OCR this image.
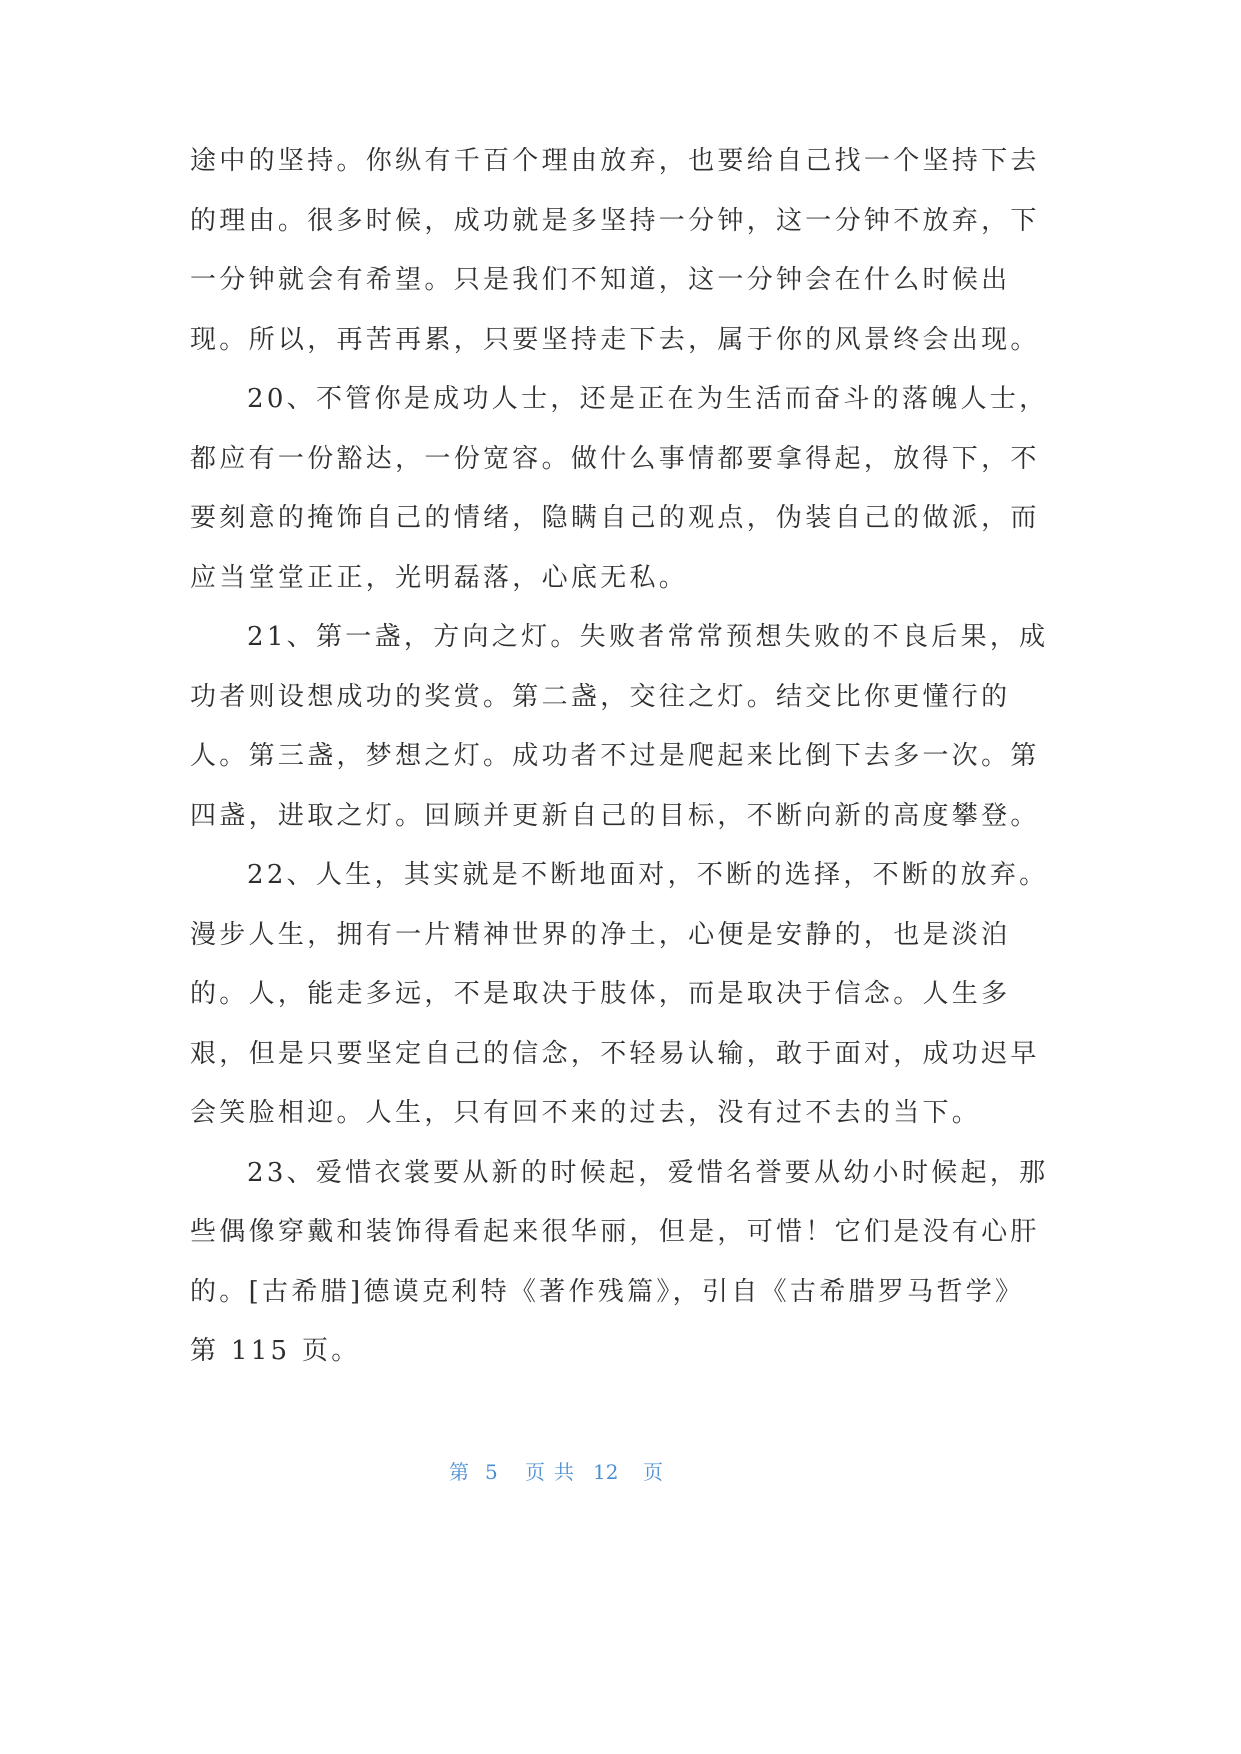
途中的坚持。你纵有千百个理由放弃，也要给自己找一个坚持下去
的理由。很多时候，成功就是多坚持一分钟，这一分钟不放弃，下
一分钟就会有希望。只是我们不知道，这一分钟会在什么时候出
现。所以，再苦再累，只要坚持走下去，属于你的风景终会出现。
20、不管你是成功人士，还是正在为生活而奋斗的落魄人士，
都应有一份豁达，一份宽容。做什么事情都要拿得起，放得下，不
要刻意的掩饰自己的情绪，隐瞒自己的观点，伪装自己的做派，而
应当堂堂正正，光明磊落，心底无私。
21、第一盏，方向之灯。失败者常常预想失败的不良后果，成
功者则设想成功的奖赏。第二盏，交往之灯。结交比你更懂行的
人。第三盏，梦想之灯。成功者不过是爬起来比倒下去多一次。第
四盏，进取之灯。回顾并更新自己的目标，不断向新的高度攀登。
22、人生，其实就是不断地面对，不断的选择，不断的放弃。
漫步人生，拥有一片精神世界的净土，心便是安静的，也是淡泊
的。人，能走多远，不是取决于肢体，而是取决于信念。人生多
艰，但是只要坚定自己的信念，不轻易认输，敢于面对，成功迟早
会笑脸相迎。人生，只有回不来的过去，没有过不去的当下。
23、爱惜衣裳要从新的时候起，爱惜名誉要从幼小时候起，那
些偶像穿戴和装饰得看起来很华丽，但是，可惜！它们是没有心肝
的。[古希腊]德谟克利特《著作残篇》，引自《古希腊罗马哲学》
第 115 页。
第 5 页 共 12 页
